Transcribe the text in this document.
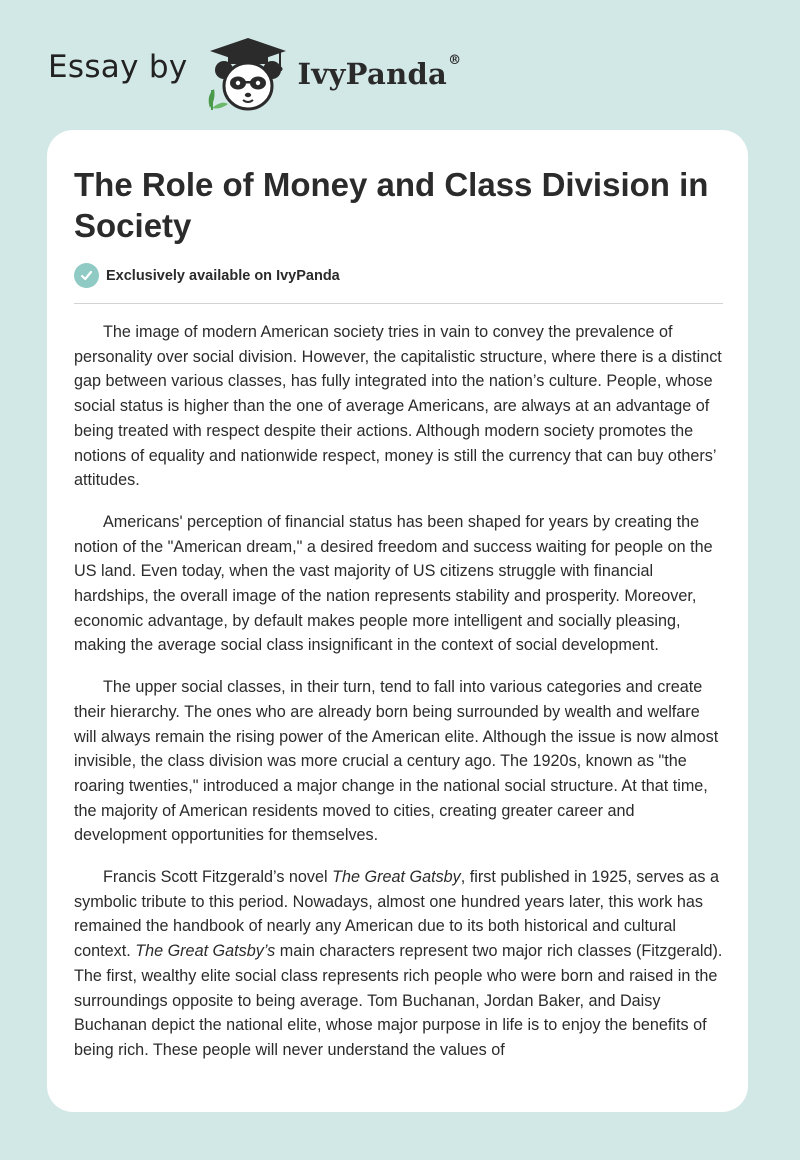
Essay by	IvyPanda®
The Role of Money and Class Division in Society
Exclusively available on IvyPanda

The image of modern American society tries in vain to convey the prevalence of personality over social division. However, the capitalistic structure, where there is a distinct gap between various classes, has fully integrated into the nation’s culture. People, whose social status is higher than the one of average Americans, are always at an advantage of being treated with respect despite their actions. Although modern society promotes the notions of equality and nationwide respect, money is still the currency that can buy others’ attitudes.

Americans' perception of financial status has been shaped for years by creating the notion of the "American dream," a desired freedom and success waiting for people on the US land. Even today, when the vast majority of US citizens struggle with financial hardships, the overall image of the nation represents stability and prosperity. Moreover, economic advantage, by default makes people more intelligent and socially pleasing, making the average social class insignificant in the context of social development.

The upper social classes, in their turn, tend to fall into various categories and create their hierarchy. The ones who are already born being surrounded by wealth and welfare will always remain the rising power of the American elite. Although the issue is now almost invisible, the class division was more crucial a century ago. The 1920s, known as "the roaring twenties," introduced a major change in the national social structure. At that time, the majority of American residents moved to cities, creating greater career and development opportunities for themselves.

Francis Scott Fitzgerald’s novel The Great Gatsby, first published in 1925, serves as a symbolic tribute to this period. Nowadays, almost one hundred years later, this work has remained the handbook of nearly any American due to its both historical and cultural context. The Great Gatsby’s main characters represent two major rich classes (Fitzgerald). The first, wealthy elite social class represents rich people who were born and raised in the surroundings opposite to being average. Tom Buchanan, Jordan Baker, and Daisy Buchanan depict the national elite, whose major purpose in life is to enjoy the benefits of being rich. These people will never understand the values of
